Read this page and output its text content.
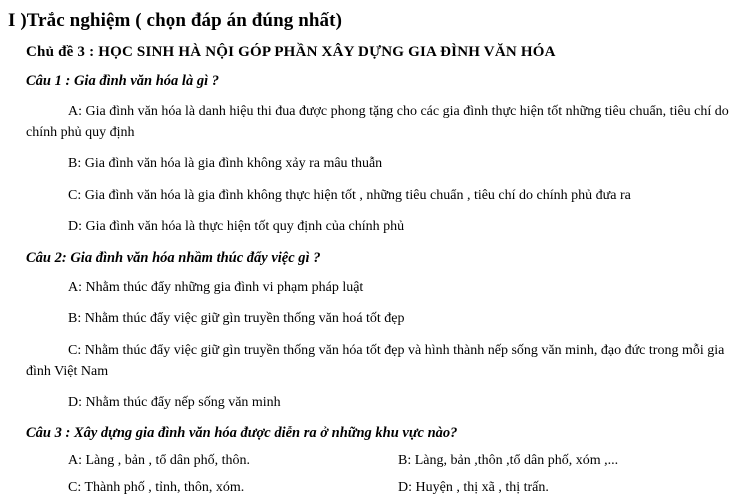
I )Trắc nghiệm ( chọn đáp án đúng nhất)
Chủ đề 3 : HỌC SINH HÀ NỘI GÓP PHẦN XÂY DỰNG GIA ĐÌNH VĂN HÓA
Câu 1 : Gia đình văn hóa là gì ?
A: Gia đình văn hóa là danh hiệu thi đua được phong tặng cho các gia đình thực hiện tốt những tiêu chuẩn, tiêu chí do chính phủ quy định
B: Gia đình văn hóa là gia đình không xảy ra mâu thuẫn
C: Gia đình văn hóa là gia đình không thực hiện tốt , những tiêu chuẩn , tiêu chí do chính phủ đưa ra
D: Gia đình văn hóa là thực hiện tốt quy định của chính phủ
Câu 2: Gia đình văn hóa nhầm thúc đẩy việc gì ?
A: Nhằm thúc đẩy những gia đình vi phạm pháp luật
B: Nhằm thúc đẩy việc giữ gìn truyền thống văn hoá tốt đẹp
C: Nhằm thúc đẩy việc giữ gìn truyền thống văn hóa tốt đẹp và hình thành nếp sống văn minh, đạo đức trong mỗi gia đình Việt Nam
D: Nhằm thúc đẩy nếp sống văn minh
Câu 3 : Xây dựng gia đình văn hóa được diễn ra ở những khu vực nào?
A: Làng , bản , tổ dân phố, thôn.	B: Làng, bản ,thôn ,tổ dân phố, xóm ,...
C: Thành phố , tỉnh, thôn, xóm.	D: Huyện , thị xã , thị trấn.
